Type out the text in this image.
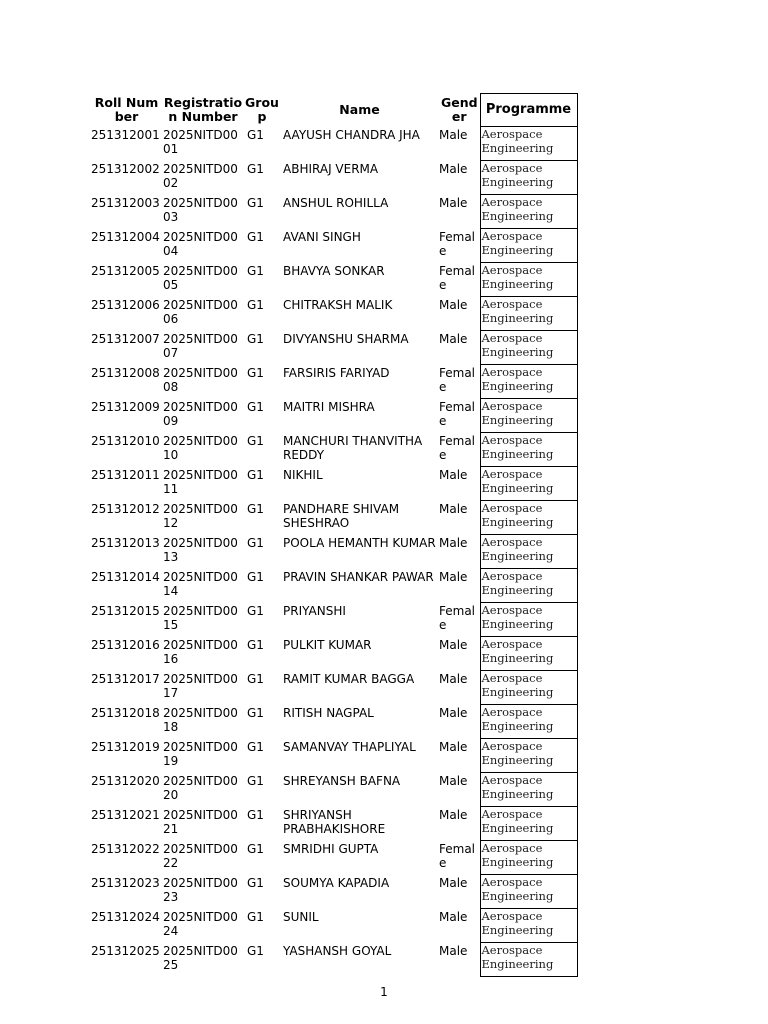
Roll Number	Registration Number	Group	Name	Gender	Programme
251312001	2025NITD0001	G1	AAYUSH CHANDRA JHA	Male	Aerospace Engineering
251312002	2025NITD0002	G1	ABHIRAJ VERMA	Male	Aerospace Engineering
251312003	2025NITD0003	G1	ANSHUL ROHILLA	Male	Aerospace Engineering
251312004	2025NITD0004	G1	AVANI SINGH	Female	Aerospace Engineering
251312005	2025NITD0005	G1	BHAVYA SONKAR	Female	Aerospace Engineering
251312006	2025NITD0006	G1	CHITRAKSH MALIK	Male	Aerospace Engineering
251312007	2025NITD0007	G1	DIVYANSHU SHARMA	Male	Aerospace Engineering
251312008	2025NITD0008	G1	FARSIRIS FARIYAD	Female	Aerospace Engineering
251312009	2025NITD0009	G1	MAITRI MISHRA	Female	Aerospace Engineering
251312010	2025NITD0010	G1	MANCHURI THANVITHA REDDY	Female	Aerospace Engineering
251312011	2025NITD0011	G1	NIKHIL	Male	Aerospace Engineering
251312012	2025NITD0012	G1	PANDHARE SHIVAM SHESHRAO	Male	Aerospace Engineering
251312013	2025NITD0013	G1	POOLA HEMANTH KUMAR	Male	Aerospace Engineering
251312014	2025NITD0014	G1	PRAVIN SHANKAR PAWAR	Male	Aerospace Engineering
251312015	2025NITD0015	G1	PRIYANSHI	Female	Aerospace Engineering
251312016	2025NITD0016	G1	PULKIT KUMAR	Male	Aerospace Engineering
251312017	2025NITD0017	G1	RAMIT KUMAR BAGGA	Male	Aerospace Engineering
251312018	2025NITD0018	G1	RITISH NAGPAL	Male	Aerospace Engineering
251312019	2025NITD0019	G1	SAMANVAY THAPLIYAL	Male	Aerospace Engineering
251312020	2025NITD0020	G1	SHREYANSH BAFNA	Male	Aerospace Engineering
251312021	2025NITD0021	G1	SHRIYANSH PRABHAKISHORE	Male	Aerospace Engineering
251312022	2025NITD0022	G1	SMRIDHI GUPTA	Female	Aerospace Engineering
251312023	2025NITD0023	G1	SOUMYA KAPADIA	Male	Aerospace Engineering
251312024	2025NITD0024	G1	SUNIL	Male	Aerospace Engineering
251312025	2025NITD0025	G1	YASHANSH GOYAL	Male	Aerospace Engineering
1
